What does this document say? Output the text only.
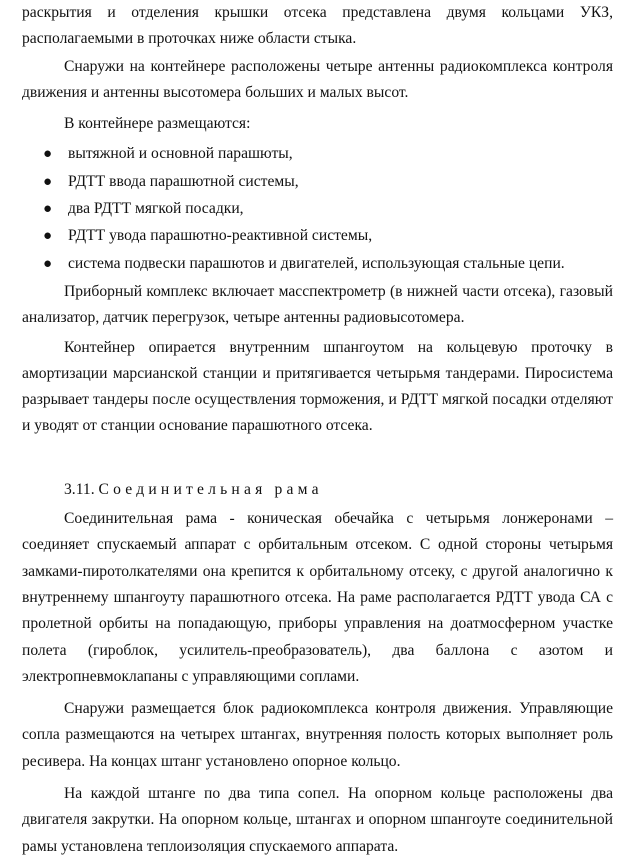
раскрытия и отделения крышки отсека представлена двумя кольцами УКЗ, располагаемыми в проточках ниже области стыка.

Снаружи на контейнере расположены четыре антенны радиокомплекса контроля движения и антенны высотомера больших и малых высот.

В контейнере размещаются:

● вытяжной и основной парашюты,
● РДТТ ввода парашютной системы,
● два РДТТ мягкой посадки,
● РДТТ увода парашютно-реактивной системы,
● система подвески парашютов и двигателей, использующая стальные цепи.

Приборный комплекс включает масспектрометр (в нижней части отсека), газовый анализатор, датчик перегрузок, четыре антенны радиовысотомера.

Контейнер опирается внутренним шпангоутом на кольцевую проточку в амортизации марсианской станции и притягивается четырьмя тандерами. Пиросистема разрывает тандеры после осуществления торможения, и РДТТ мягкой посадки отделяют и уводят от станции основание парашютного отсека.

3.11. Соединительная рама

Соединительная рама - коническая обечайка с четырьмя лонжеронами – соединяет спускаемый аппарат с орбитальным отсеком. С одной стороны четырьмя замками-пиротолкателями она крепится к орбитальному отсеку, с другой аналогично к внутреннему шпангоуту парашютного отсека. На раме располагается РДТТ увода СА с пролетной орбиты на попадающую, приборы управления на доатмосферном участке полета (гироблок, усилитель-преобразователь), два баллона с азотом и электропневмоклапаны с управляющими соплами.

Снаружи размещается блок радиокомплекса контроля движения. Управляющие сопла размещаются на четырех штангах, внутренняя полость которых выполняет роль ресивера. На концах штанг установлено опорное кольцо.

На каждой штанге по два типа сопел. На опорном кольце расположены два двигателя закрутки. На опорном кольце, штангах и опорном шпангоуте соединительной рамы установлена теплоизоляция спускаемого аппарата.
